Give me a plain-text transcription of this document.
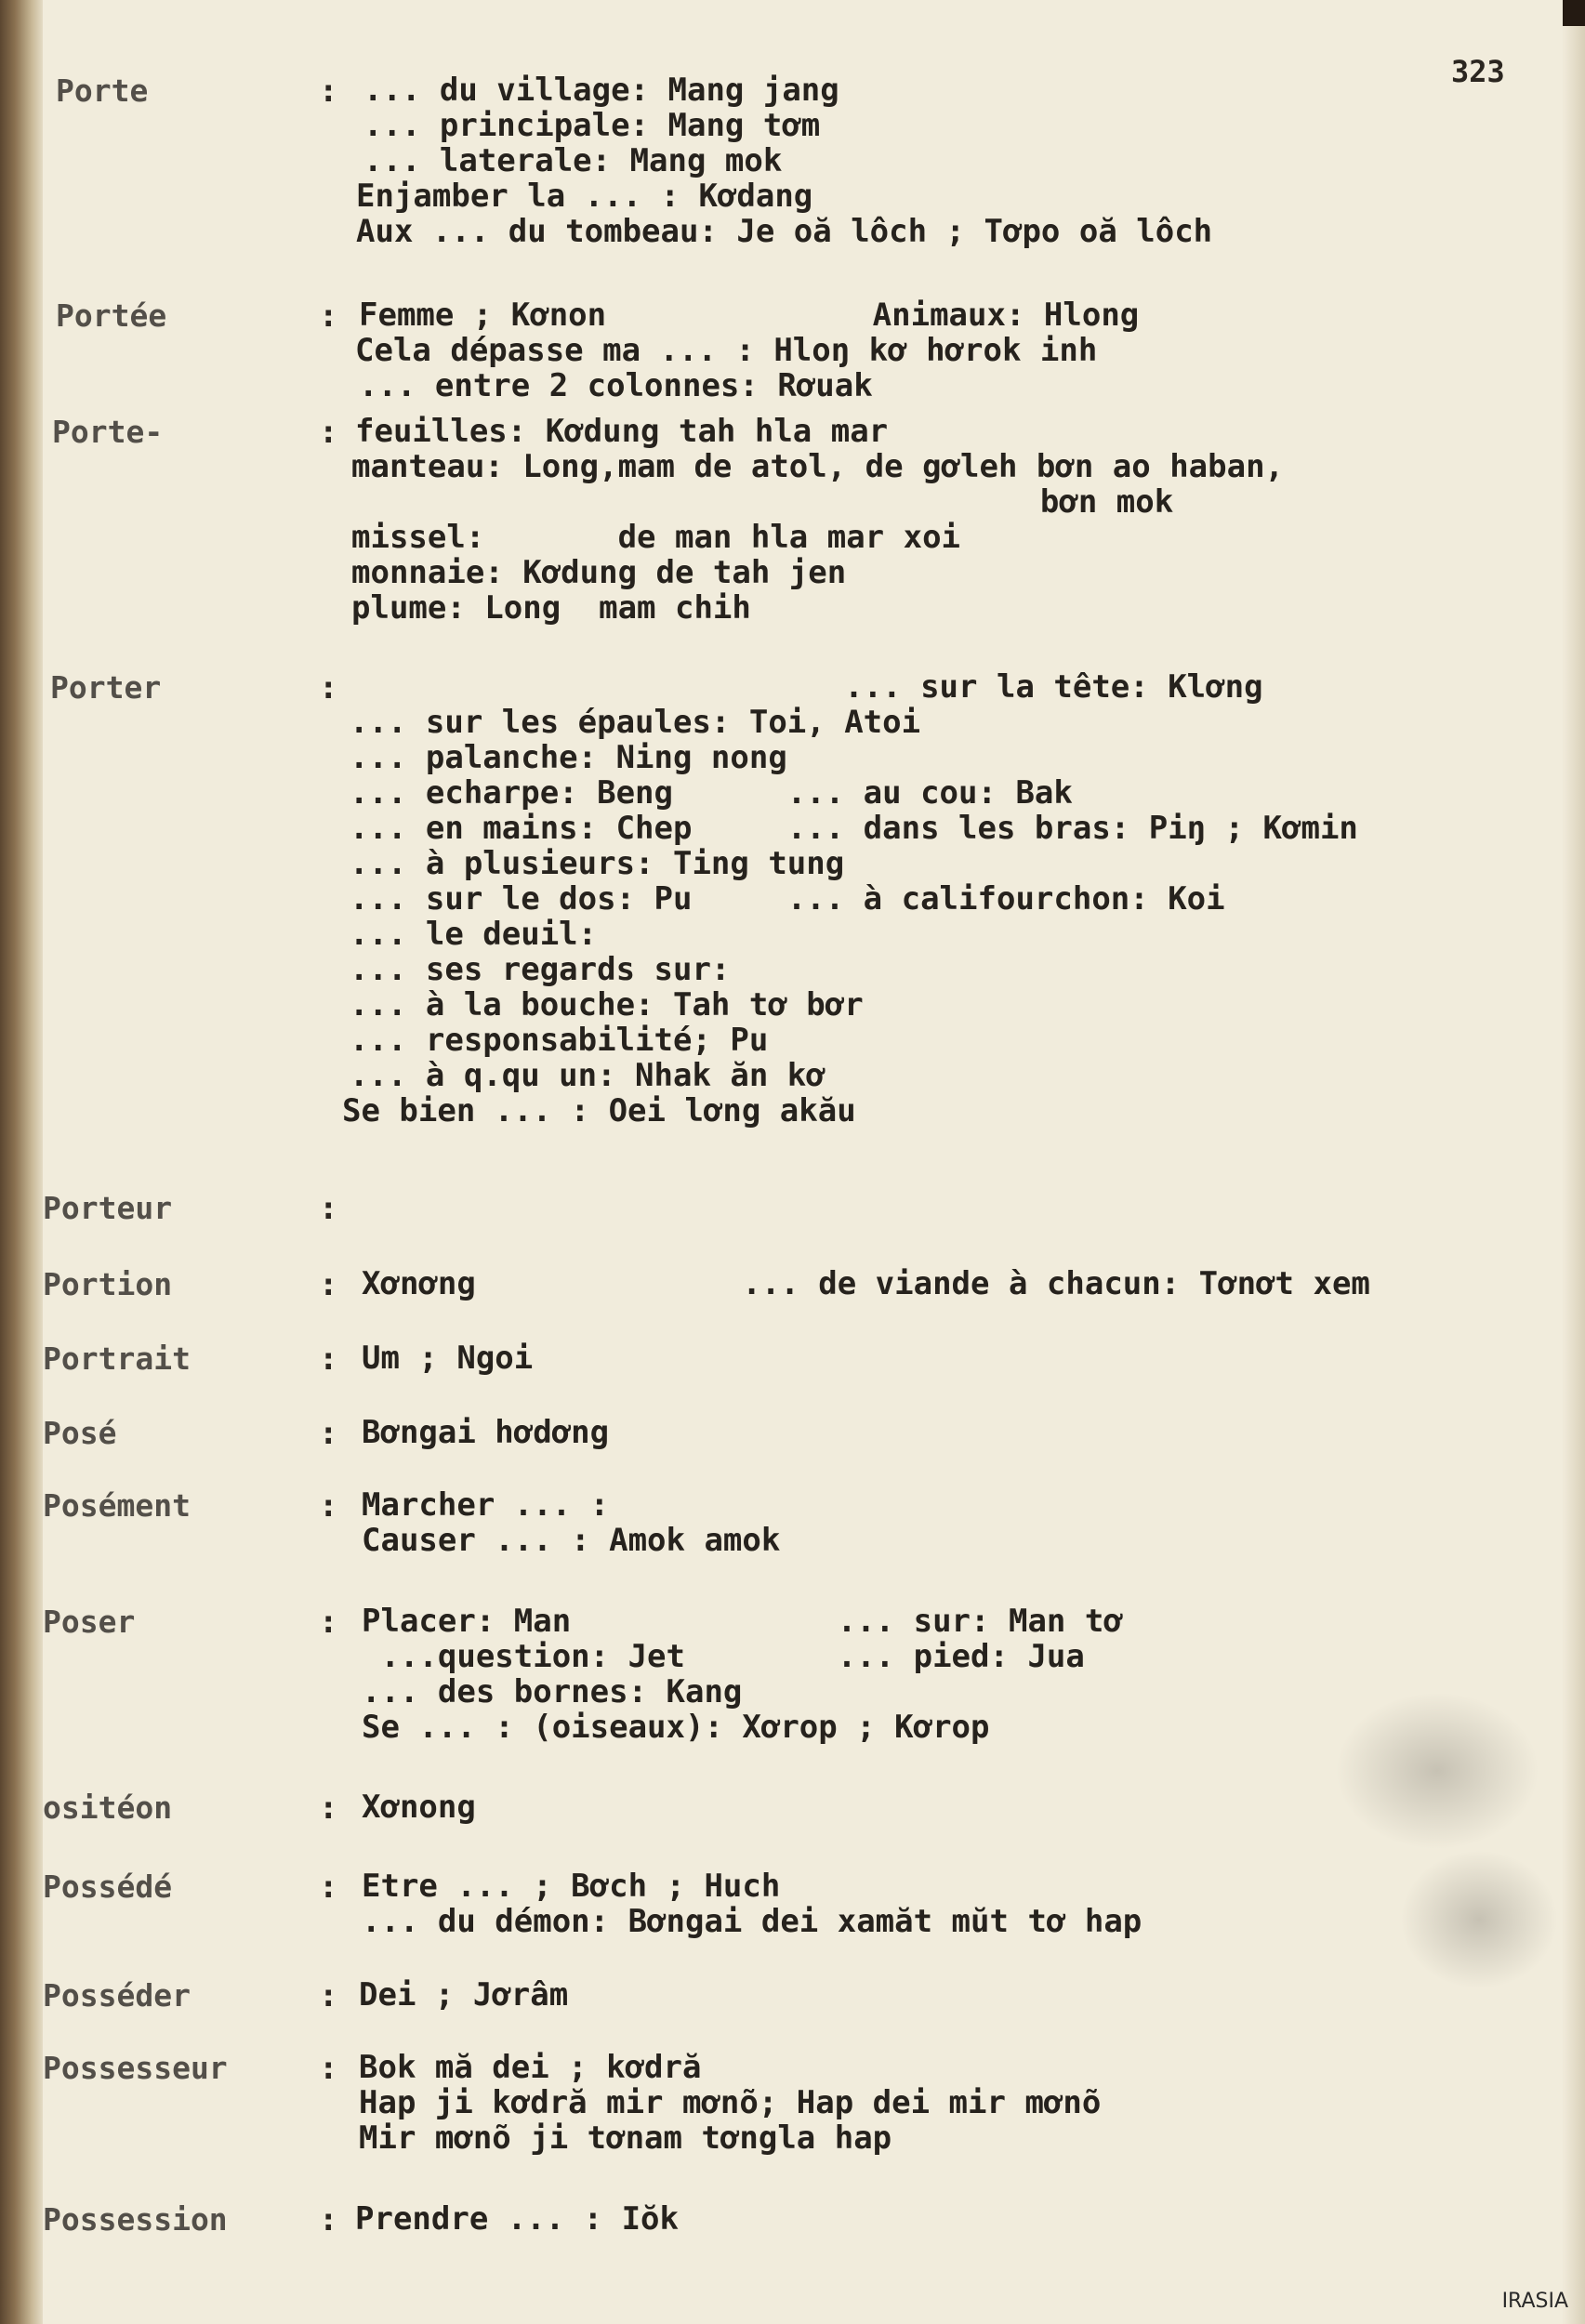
323
Porte	: ... du village: Mang jang
... principale: Mang tơm
... laterale: Mang mok
Enjamber la ... : Kơdang
Aux ... du tombeau: Je oă lôch ; Tơpo oă lôch
Portée	: Femme ; Kơnon              Animaux: Hlong
Cela dépasse ma ... : Hloŋ kơ hơrok inh
... entre 2 colonnes: Rơuak
Porte-	: feuilles: Kơdung tah hla mar
manteau: Long,mam de atol, de gơleh bơn ao haban,
bơn mok
missel:       de man hla mar xoi
monnaie: Kơdung de tah jen
plume: Long  mam chih
Porter	: ... sur la tête: Klơng
... sur les épaules: Toi, Atoi
... palanche: Ning nong
... echarpe: Beng      ... au cou: Bak
... en mains: Chep     ... dans les bras: Piŋ ; Kơmin
... à plusieurs: Ting tung
... sur le dos: Pu     ... à califourchon: Koi
... le deuil:
... ses regards sur:
... à la bouche: Tah tơ bơr
... responsabilité; Pu
... à q.qu un: Nhak ăn kơ
Se bien ... : Oei lơng akău
Porteur	:
Portion	: Xơnơng              ... de viande à chacun: Tơnơt xem
Portrait	: Um ; Ngoi
Posé	: Bơngai hơdơng
Posément	: Marcher ... :
Causer ... : Amok amok
Poser	: Placer: Man              ... sur: Man tơ
...question: Jet        ... pied: Jua
... des bornes: Kang
Se ... : (oiseaux): Xơrop ; Kơrop
ositéon	: Xơnong
Possédé	: Etre ... ; Bơch ; Huch
... du démon: Bơngai dei xamăt mŭt tơ hap
Posséder	: Dei ; Jơrâm
Possesseur	: Bok mă dei ; kơdră
Hap ji kơdră mir mơnõ; Hap dei mir mơnõ
Mir mơnõ ji tơnam tơngla hap
Possession	: Prendre ... : Iŏk
IRASIA
